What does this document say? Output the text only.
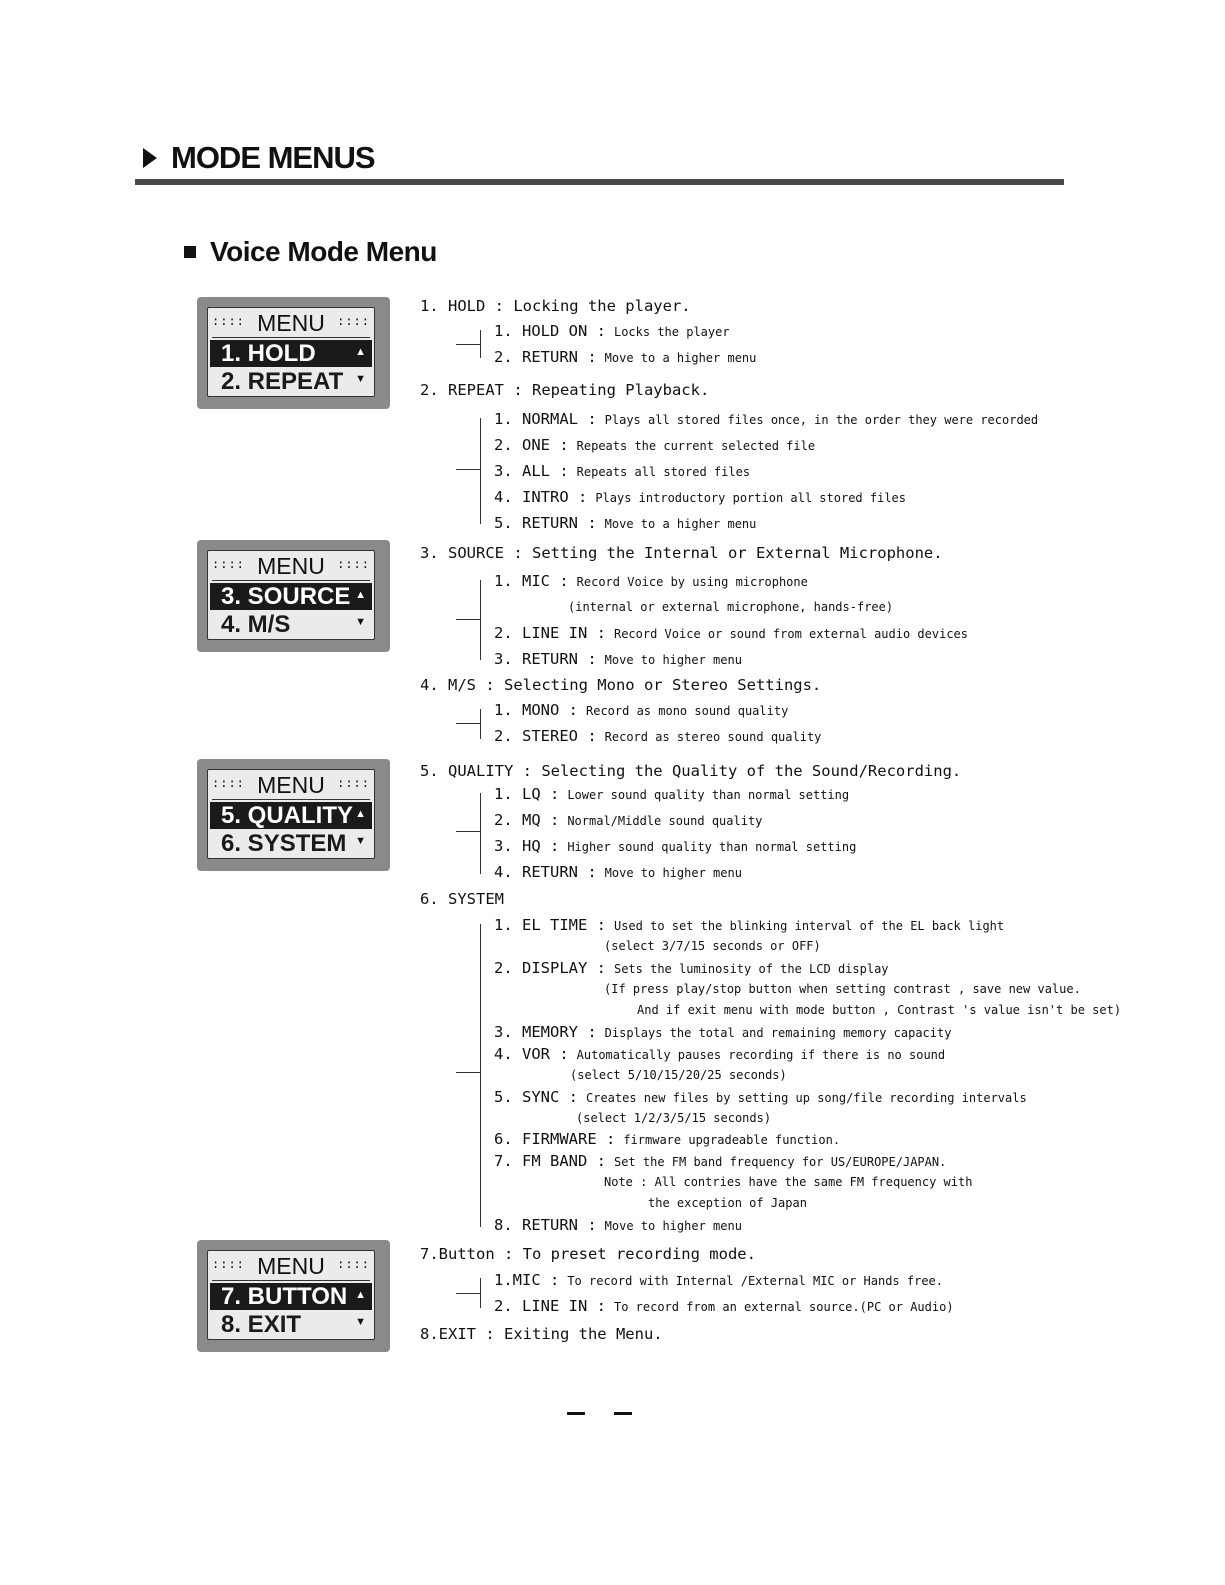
MODE MENUS
Voice Mode Menu
:::: MENU	::::
1. HOLD	▲
2. REPEAT ▼
:::: MENU	::::
3. SOURCE ▲
4. M/S	▼
:::: MENU	::::
5. QUALITY ▲
6. SYSTEM ▼
:::: MENU	::::
7. BUTTON ▲
8. EXIT	▼
1. HOLD : Locking the player.
1. HOLD ON : Locks the player
2. RETURN : Move to a higher menu
2. REPEAT : Repeating Playback.
1. NORMAL : Plays all stored files once, in the order they were recorded
2. ONE : Repeats the current selected file
3. ALL : Repeats all stored files
4. INTRO : Plays introductory portion all stored files
5. RETURN : Move to a higher menu
3. SOURCE : Setting the Internal or External Microphone.
1. MIC : Record Voice by using microphone
(internal or external microphone, hands-free)
2. LINE IN : Record Voice or sound from external audio devices
3. RETURN : Move to higher menu
4. M/S : Selecting Mono or Stereo Settings.
1. MONO : Record as mono sound quality
2. STEREO : Record as stereo sound quality
5. QUALITY : Selecting the Quality of the Sound/Recording.
1. LQ : Lower sound quality than normal setting
2. MQ : Normal/Middle sound quality
3. HQ : Higher sound quality than normal setting
4. RETURN : Move to higher menu
6. SYSTEM
1. EL TIME : Used to set the blinking interval of the EL back light
(select 3/7/15 seconds or OFF)
2. DISPLAY : Sets the luminosity of the LCD display
(If press play/stop button when setting contrast , save new value.
And if exit menu with mode button , Contrast 's value isn't be set)
3. MEMORY : Displays the total and remaining memory capacity
4. VOR : Automatically pauses recording if there is no sound
(select 5/10/15/20/25 seconds)
5. SYNC : Creates new files by setting up song/file recording intervals
(select 1/2/3/5/15 seconds)
6. FIRMWARE : firmware upgradeable function.
7. FM BAND : Set the FM band frequency for US/EUROPE/JAPAN.
Note : All contries have the same FM frequency with
the exception of Japan
8. RETURN : Move to higher menu
7.Button : To preset recording mode.
1.MIC : To record with Internal /External MIC or Hands free.
2. LINE IN : To record from an external source.(PC or Audio)
8.EXIT : Exiting the Menu.
